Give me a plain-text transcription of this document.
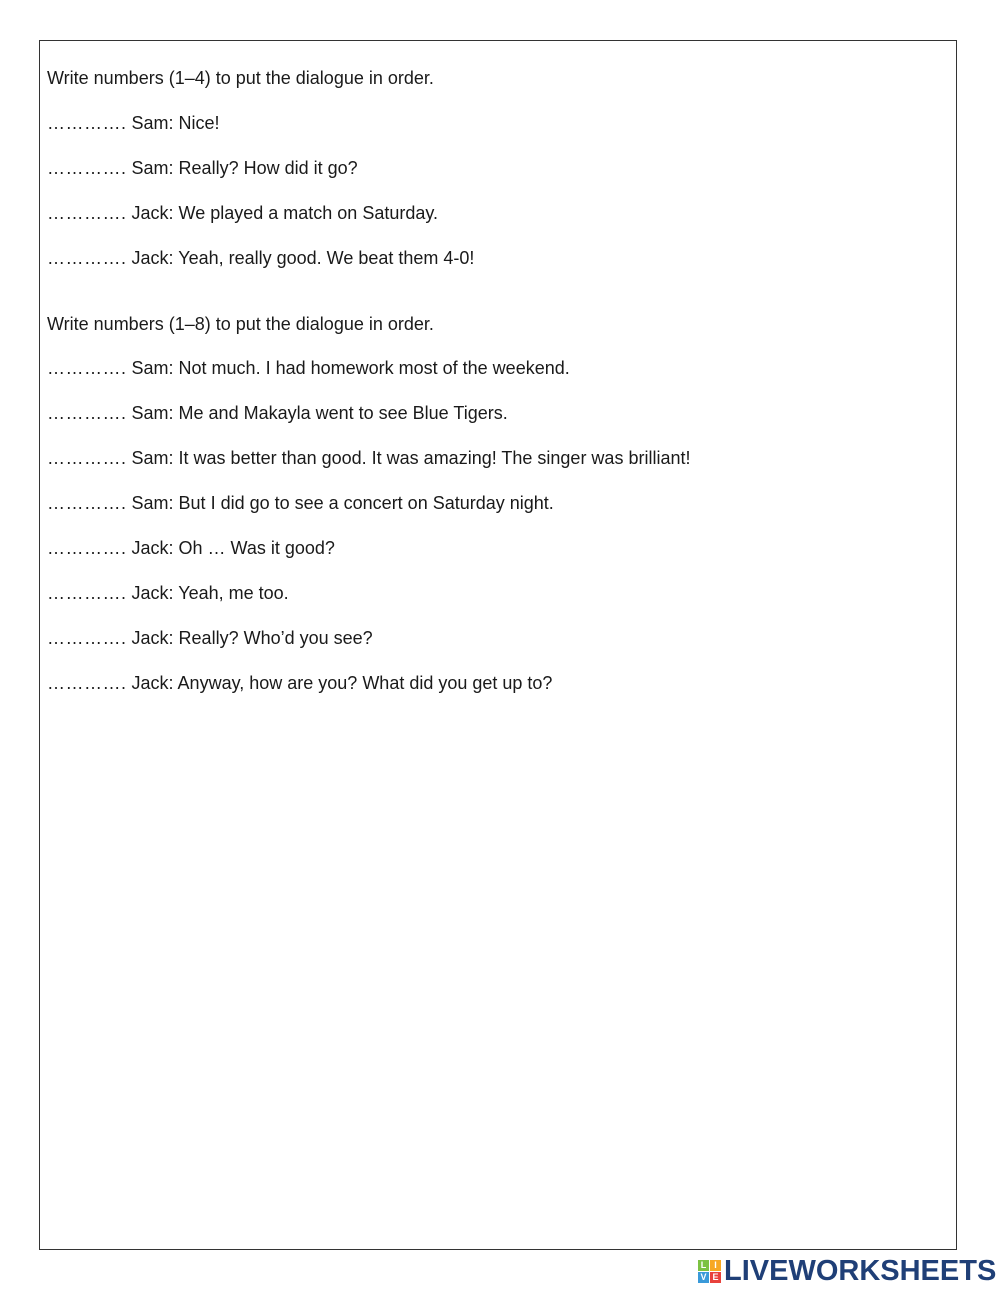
Write numbers (1–4) to put the dialogue in order.
…………. Sam: Nice!
…………. Sam: Really? How did it go?
…………. Jack: We played a match on Saturday.
…………. Jack: Yeah, really good. We beat them 4-0!
Write numbers (1–8) to put the dialogue in order.
…………. Sam: Not much. I had homework most of the weekend.
…………. Sam: Me and Makayla went to see Blue Tigers.
…………. Sam: It was better than good. It was amazing! The singer was brilliant!
…………. Sam: But I did go to see a concert on Saturday night.
…………. Jack: Oh … Was it good?
…………. Jack: Yeah, me too.
…………. Jack: Really? Who’d you see?
…………. Jack: Anyway, how are you? What did you get up to?
L I
V E LIVEWORKSHEETS
